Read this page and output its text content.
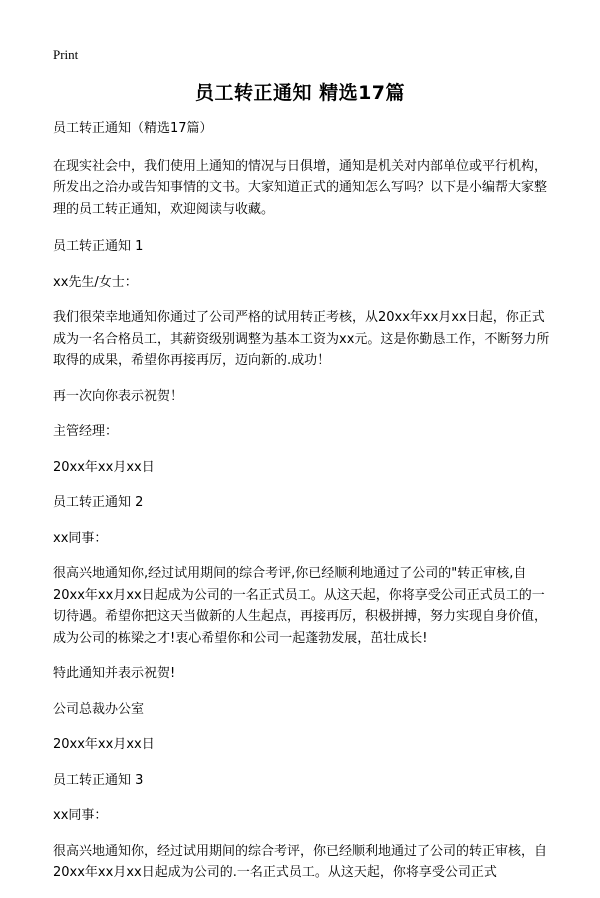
Print
员工转正通知 精选17篇

员工转正通知（精选17篇）

在现实社会中，我们使用上通知的情况与日俱增，通知是机关对内部单位或平行机构，所发出之洽办或告知事情的文书。大家知道正式的通知怎么写吗？以下是小编帮大家整理的员工转正通知，欢迎阅读与收藏。

员工转正通知 1

xx先生/女士：

我们很荣幸地通知你通过了公司严格的试用转正考核，从20xx年xx月xx日起，你正式成为一名合格员工，其薪资级别调整为基本工资为xx元。这是你勤恳工作，不断努力所取得的成果，希望你再接再厉，迈向新的.成功！

再一次向你表示祝贺！

主管经理：

20xx年xx月xx日

员工转正通知 2

xx同事：

很高兴地通知你,经过试用期间的综合考评,你已经顺利地通过了公司的"转正审核,自20xx年xx月xx日起成为公司的一名正式员工。从这天起，你将享受公司正式员工的一切待遇。希望你把这天当做新的人生起点，再接再厉，积极拼搏，努力实现自身价值，成为公司的栋梁之才!衷心希望你和公司一起蓬勃发展，茁壮成长!

特此通知并表示祝贺!

公司总裁办公室

20xx年xx月xx日

员工转正通知 3

xx同事：

很高兴地通知你，经过试用期间的综合考评，你已经顺利地通过了公司的转正审核，自20xx年xx月xx日起成为公司的.一名正式员工。从这天起，你将享受公司正式
